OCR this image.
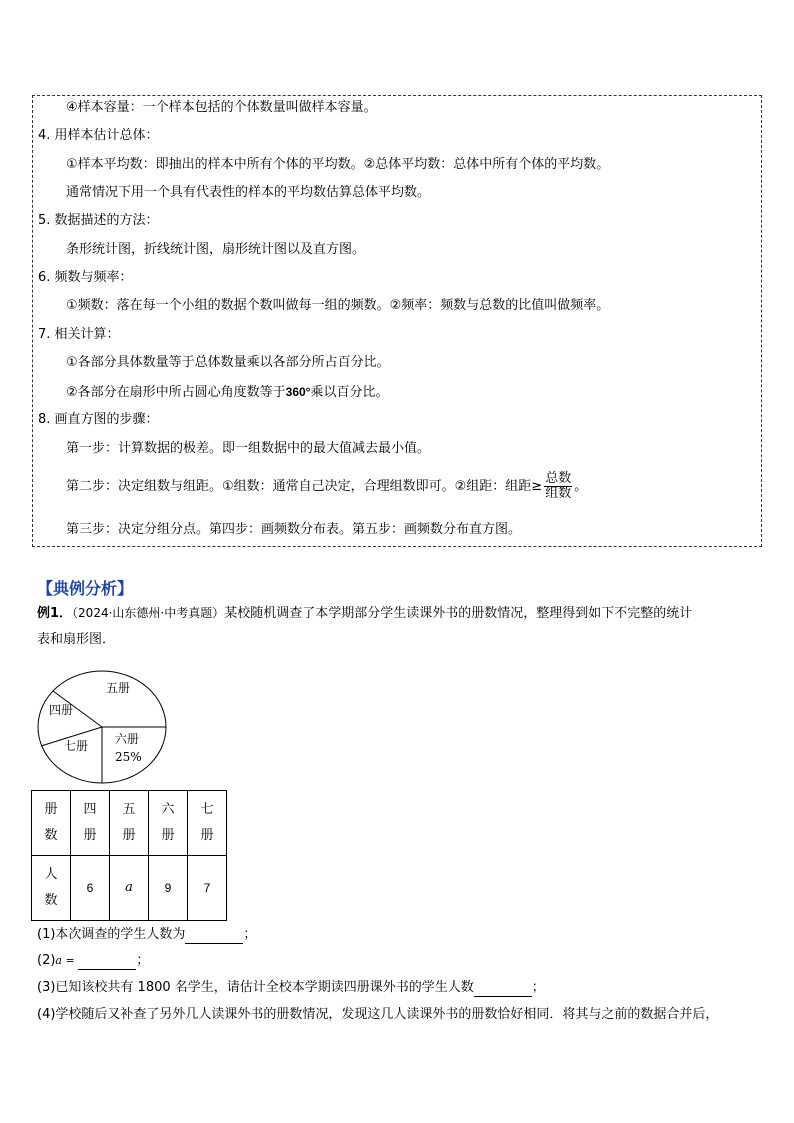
④样本容量：一个样本包括的个体数量叫做样本容量。
4. 用样本估计总体：
①样本平均数：即抽出的样本中所有个体的平均数。②总体平均数：总体中所有个体的平均数。
通常情况下用一个具有代表性的样本的平均数估算总体平均数。
5. 数据描述的方法：
条形统计图，折线统计图，扇形统计图以及直方图。
6. 频数与频率：
①频数：落在每一个小组的数据个数叫做每一组的频数。②频率：频数与总数的比值叫做频率。
7. 相关计算：
①各部分具体数量等于总体数量乘以各部分所占百分比。
②各部分在扇形中所占圆心角度数等于360°乘以百分比。
8. 画直方图的步骤：
第一步：计算数据的极差。即一组数据中的最大值减去最小值。
第二步：决定组数与组距。①组数：通常自己决定，合理组数即可。②组距：组距≥ $\frac{\text{总数}}{\text{组数}}$ 。
第三步：决定分组分点。第四步：画频数分布表。第五步：画频数分布直方图。
【典例分析】
例1．（2024·山东德州·中考真题）某校随机调查了本学期部分学生读课外书的册数情况，整理得到如下不完整的统计
表和扇形图．
五册
四册
七册 六册
25%
册数	四册	五册	六册	七册
人数	6	a	9	7
(1)本次调查的学生人数为	；
(2)a =	；
(3)已知该校共有 1800 名学生，请估计全校本学期读四册课外书的学生人数	；
(4)学校随后又补查了另外几人读课外书的册数情况，发现这几人读课外书的册数恰好相同．将其与之前的数据合并后，
